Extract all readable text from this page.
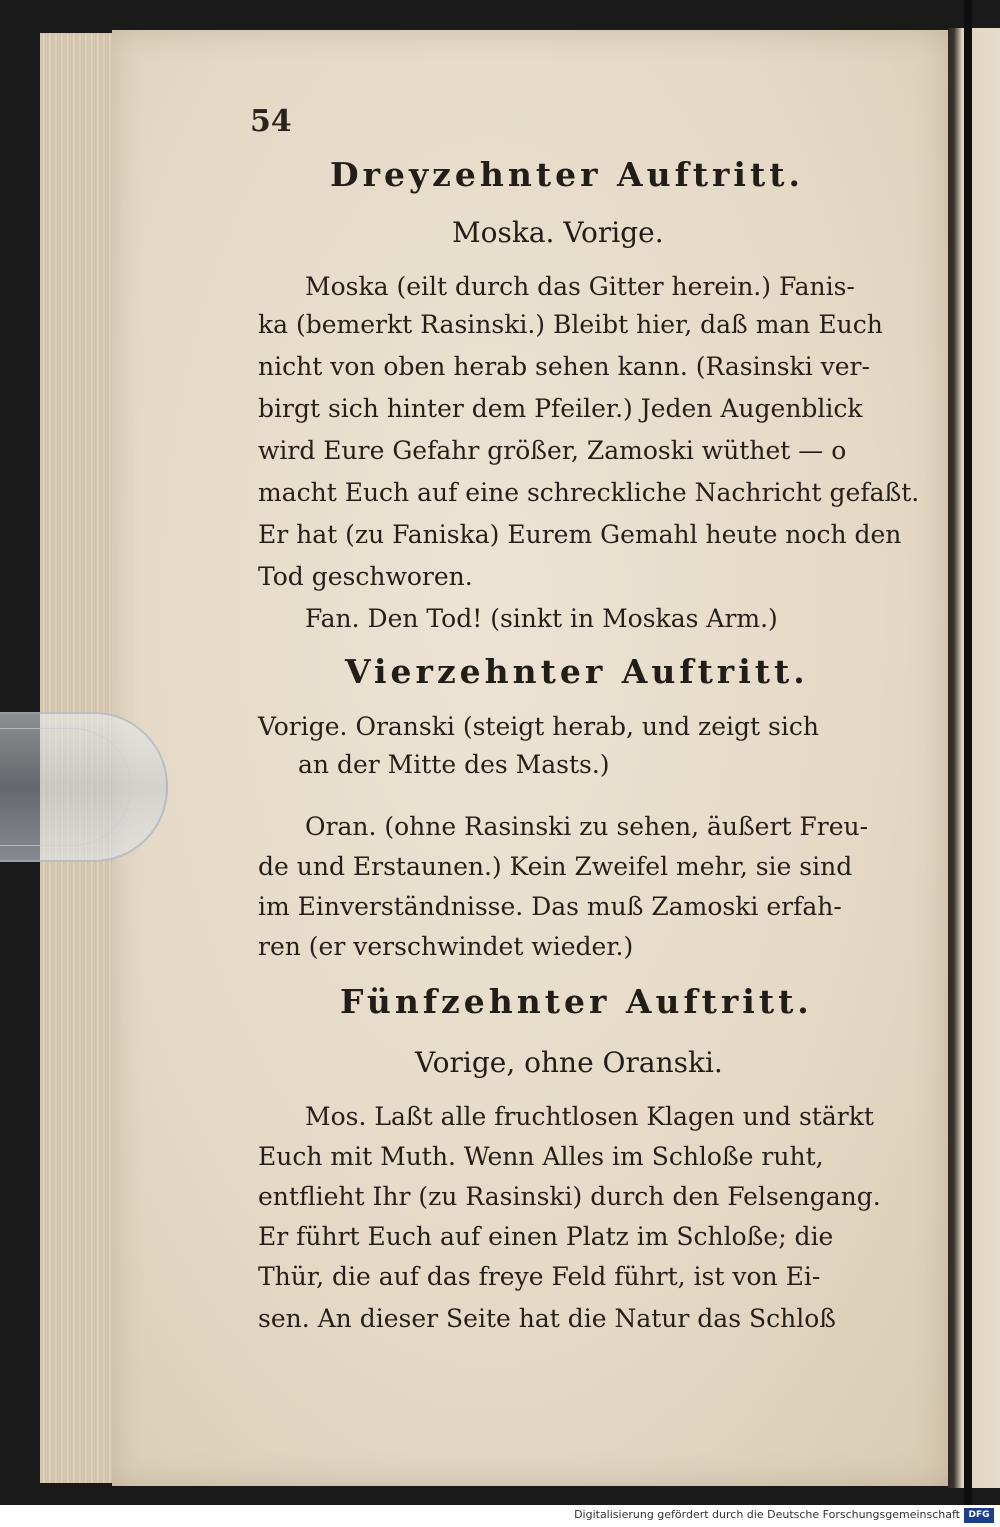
54
Dreyzehnter Auftritt.
Moska. Vorige.
Moska (eilt durch das Gitter herein.) Fanis-
ka (bemerkt Rasinski.) Bleibt hier, daß man Euch
nicht von oben herab sehen kann. (Rasinski ver-
birgt sich hinter dem Pfeiler.) Jeden Augenblick
wird Eure Gefahr größer, Zamoski wüthet — o
macht Euch auf eine schreckliche Nachricht gefaßt.
Er hat (zu Faniska) Eurem Gemahl heute noch den
Tod geschworen.
Fan. Den Tod! (sinkt in Moskas Arm.)
Vierzehnter Auftritt.
Vorige. Oranski (steigt herab, und zeigt sich
an der Mitte des Masts.)
Oran. (ohne Rasinski zu sehen, äußert Freu-
de und Erstaunen.) Kein Zweifel mehr, sie sind
im Einverständnisse. Das muß Zamoski erfah-
ren (er verschwindet wieder.)
Fünfzehnter Auftritt.
Vorige, ohne Oranski.
Mos. Laßt alle fruchtlosen Klagen und stärkt
Euch mit Muth. Wenn Alles im Schloße ruht,
entflieht Ihr (zu Rasinski) durch den Felsengang.
Er führt Euch auf einen Platz im Schloße; die
Thür, die auf das freye Feld führt, ist von Ei-
sen. An dieser Seite hat die Natur das Schloß
Digitalisierung gefördert durch die Deutsche Forschungsgemeinschaft DFG
